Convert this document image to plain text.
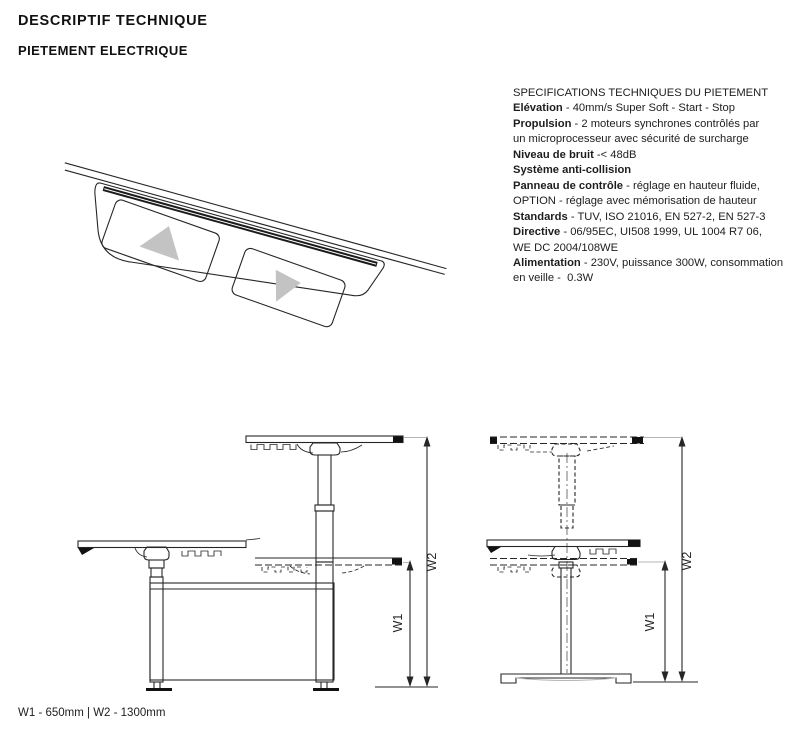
DESCRIPTIF TECHNIQUE
PIETEMENT ELECTRIQUE
SPECIFICATIONS TECHNIQUES DU PIETEMENT
Elévation - 40mm/s Super Soft - Start - Stop
Propulsion - 2 moteurs synchrones contrôlés par
un microprocesseur avec sécurité de surcharge
Niveau de bruit -< 48dB
Système anti-collision
Panneau de contrôle - réglage en hauteur fluide,
OPTION - réglage avec mémorisation de hauteur
Standards - TUV, ISO 21016, EN 527-2, EN 527-3
Directive - 06/95EC, UI508 1999, UL 1004 R7 06,
WE DC 2004/108WE
Alimentation - 230V, puissance 300W, consommation
en veille -  0.3W
W1
W2
W1
W2
W1 - 650mm | W2 - 1300mm
